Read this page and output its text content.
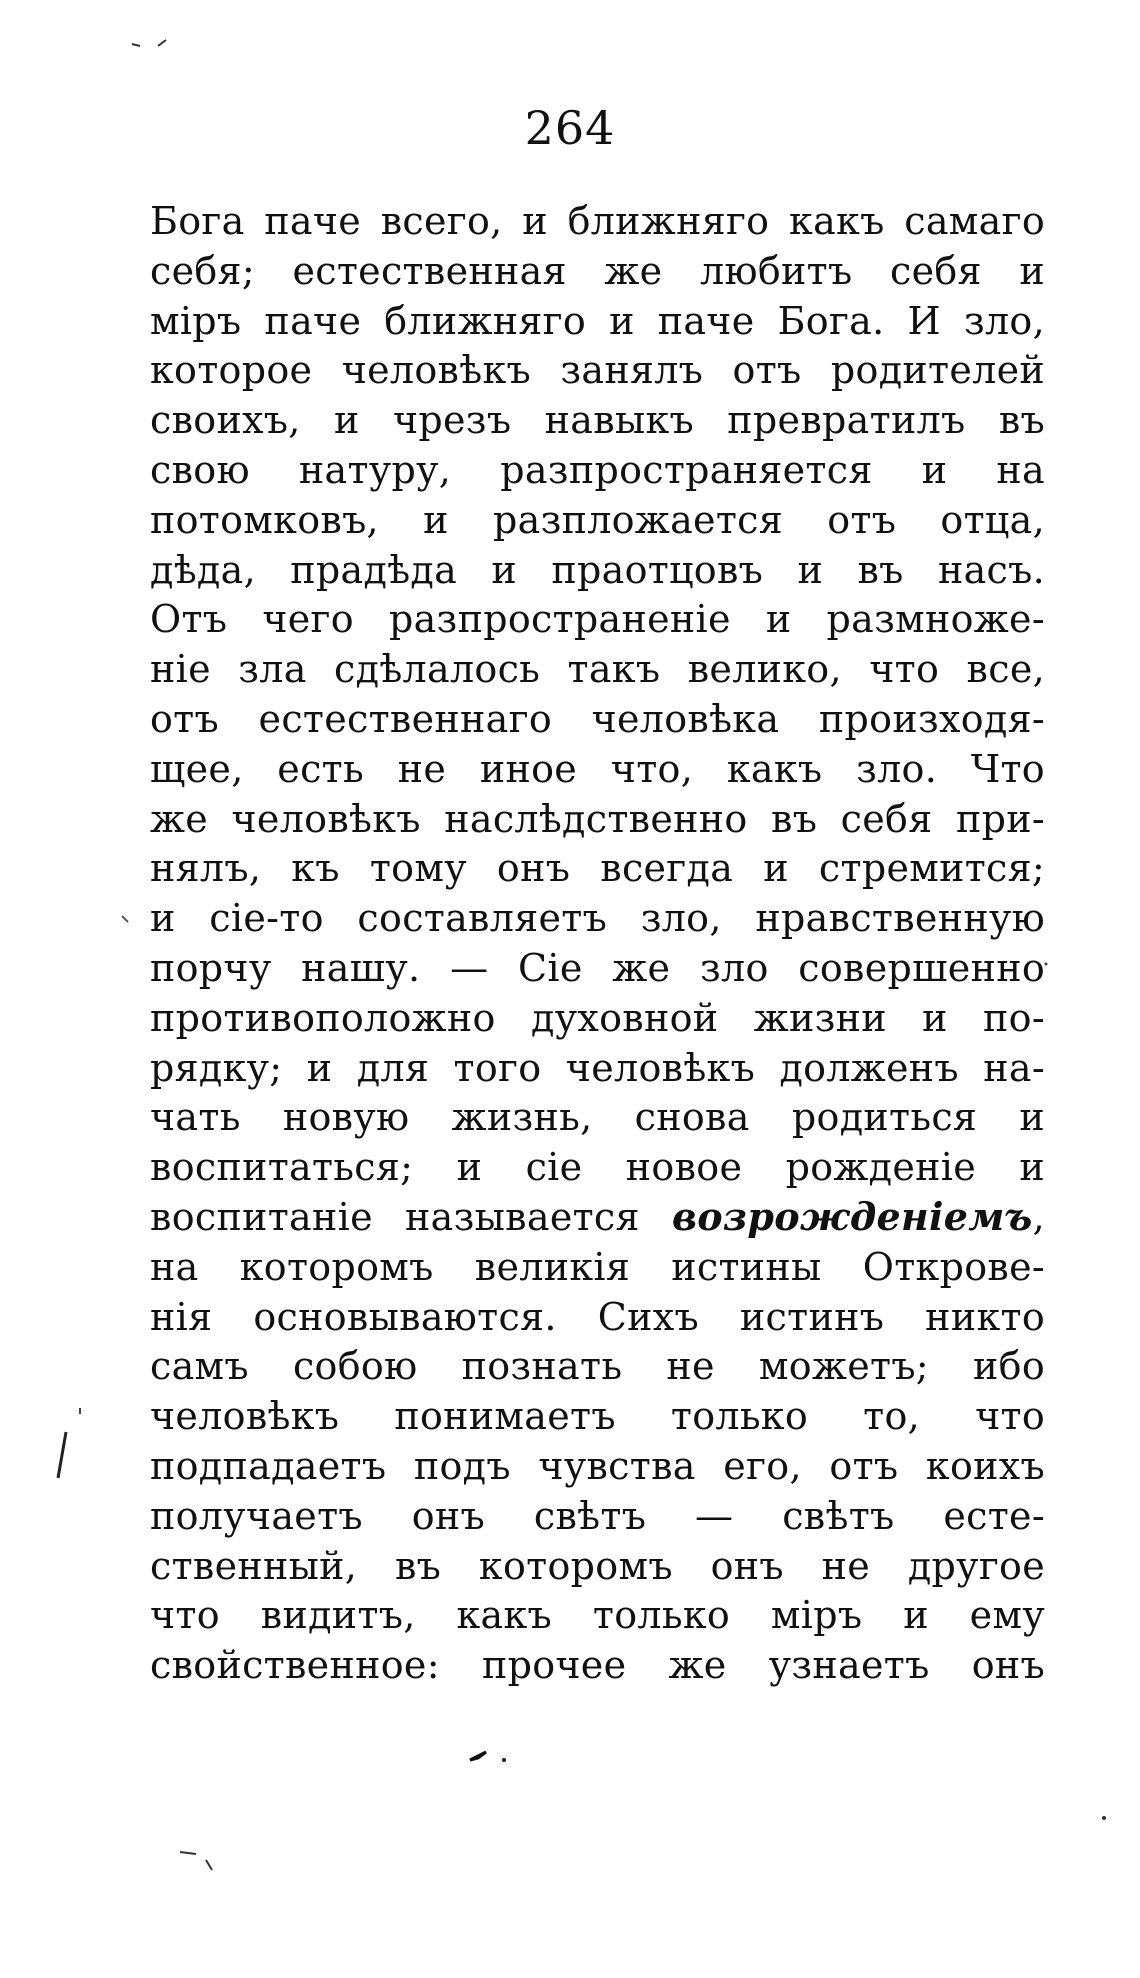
264
Бога паче всего, и ближняго какъ самаго
себя; естественная же любитъ себя и
міръ паче ближняго и паче Бога. И зло,
которое человѣкъ занялъ отъ родителей
своихъ, и чрезъ навыкъ превратилъ въ
свою натуру, разпространяется и на
потомковъ, и разпложается отъ отца,
дѣда, прадѣда и праотцовъ и въ насъ.
Отъ чего разпространеніе и размноже-
ніе зла сдѣлалось такъ велико, что все,
отъ естественнаго человѣка произходя-
щее, есть не иное что, какъ зло. Что
же человѣкъ наслѣдственно въ себя при-
нялъ, къ тому онъ всегда и стремится;
и сіе-то составляетъ зло, нравственную
порчу нашу. — Сіе же зло совершенно
противоположно духовной жизни и по-
рядку; и для того человѣкъ долженъ на-
чать новую жизнь, снова родиться и
воспитаться; и сіе новое рожденіе и
воспитаніе называется возрожденіемъ,
на которомъ великія истины Открове-
нія основываются. Сихъ истинъ никто
самъ собою познать не можетъ; ибо
человѣкъ понимаетъ только то, что
подпадаетъ подъ чувства его, отъ коихъ
получаетъ онъ свѣтъ — свѣтъ есте-
ственный, въ которомъ онъ не другое
что видитъ, какъ только міръ и ему
свойственное: прочее же узнаетъ онъ
